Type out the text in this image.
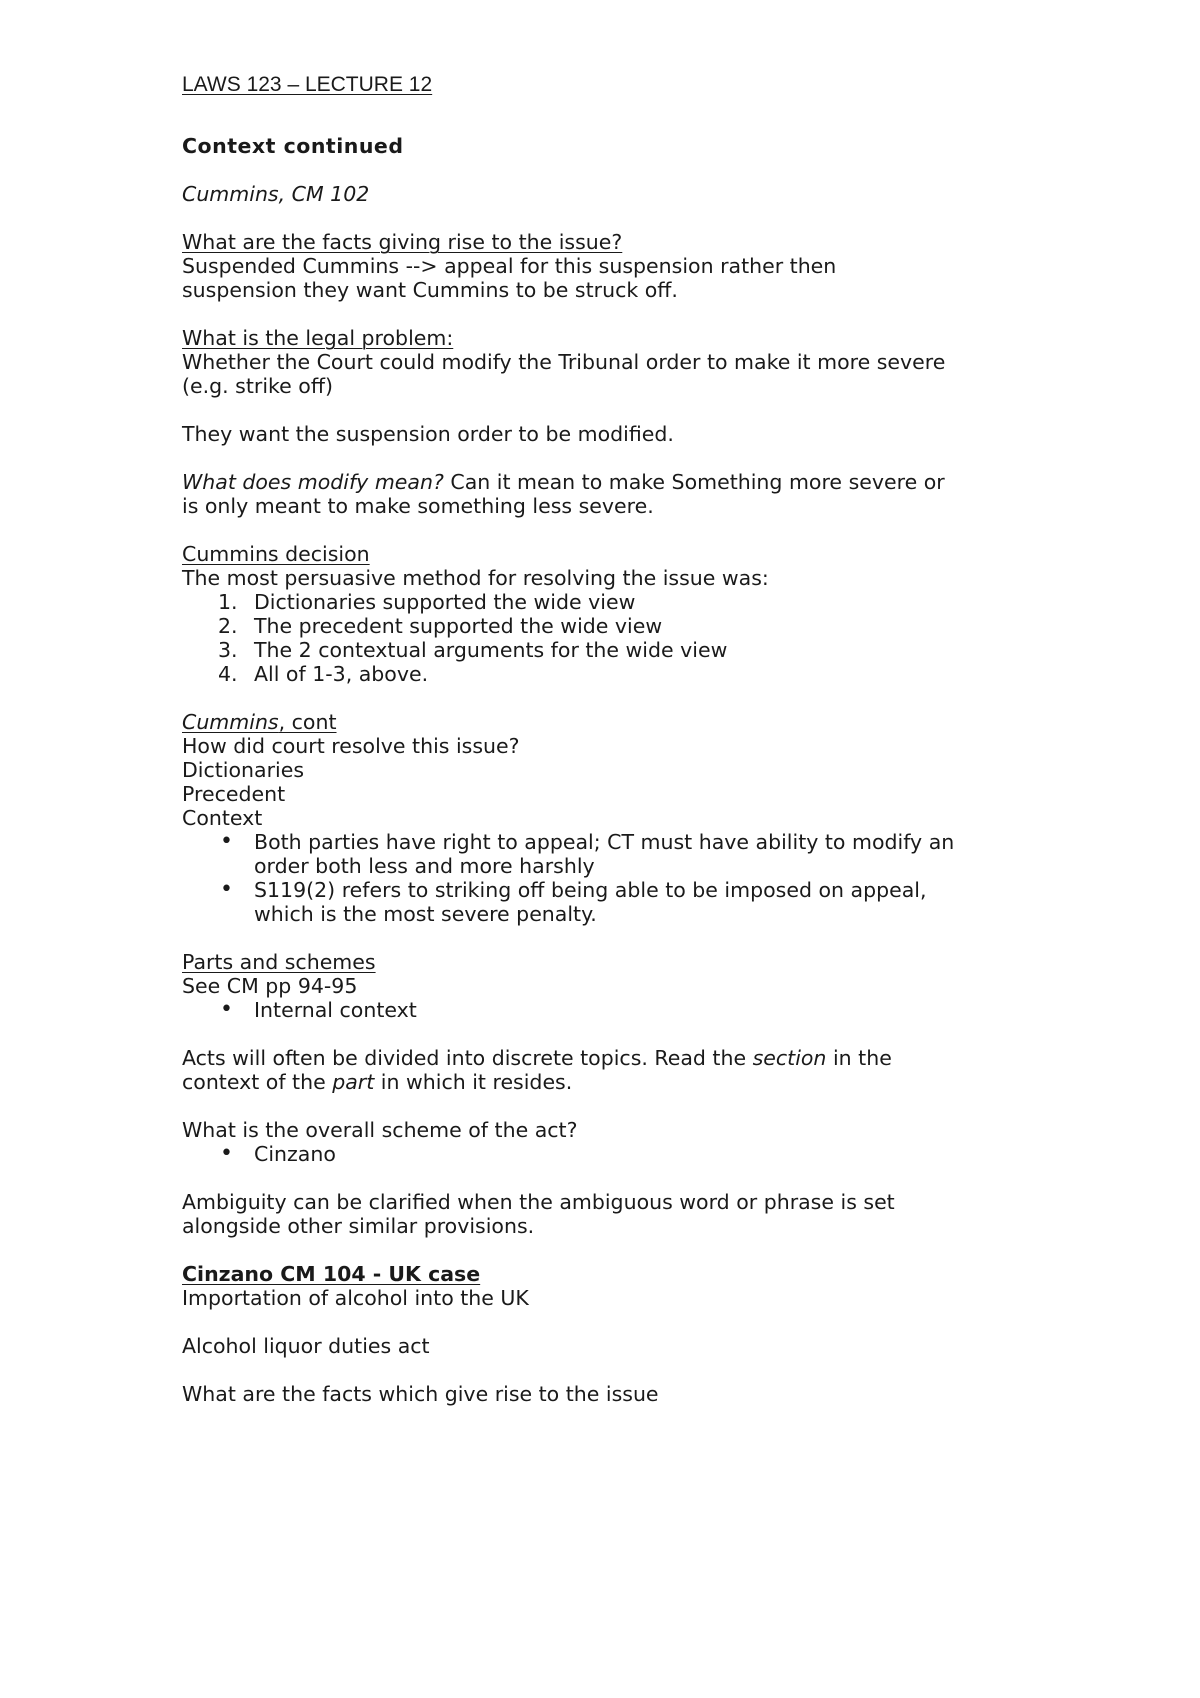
LAWS 123 – LECTURE 12
Context continued
Cummins, CM 102
What are the facts giving rise to the issue?
Suspended Cummins --> appeal for this suspension rather then
suspension they want Cummins to be struck off.
What is the legal problem:
Whether the Court could modify the Tribunal order to make it more severe
(e.g. strike off)
They want the suspension order to be modified.
What does modify mean? Can it mean to make Something more severe or
is only meant to make something less severe.
Cummins decision
The most persuasive method for resolving the issue was:
1. Dictionaries supported the wide view
2. The precedent supported the wide view
3. The 2 contextual arguments for the wide view
4. All of 1-3, above.
Cummins, cont
How did court resolve this issue?
Dictionaries
Precedent
Context
• Both parties have right to appeal; CT must have ability to modify an
order both less and more harshly
• S119(2) refers to striking off being able to be imposed on appeal,
which is the most severe penalty.
Parts and schemes
See CM pp 94-95
• Internal context
Acts will often be divided into discrete topics. Read the section in the
context of the part in which it resides.
What is the overall scheme of the act?
• Cinzano
Ambiguity can be clarified when the ambiguous word or phrase is set
alongside other similar provisions.
Cinzano CM 104 - UK case
Importation of alcohol into the UK
Alcohol liquor duties act
What are the facts which give rise to the issue
